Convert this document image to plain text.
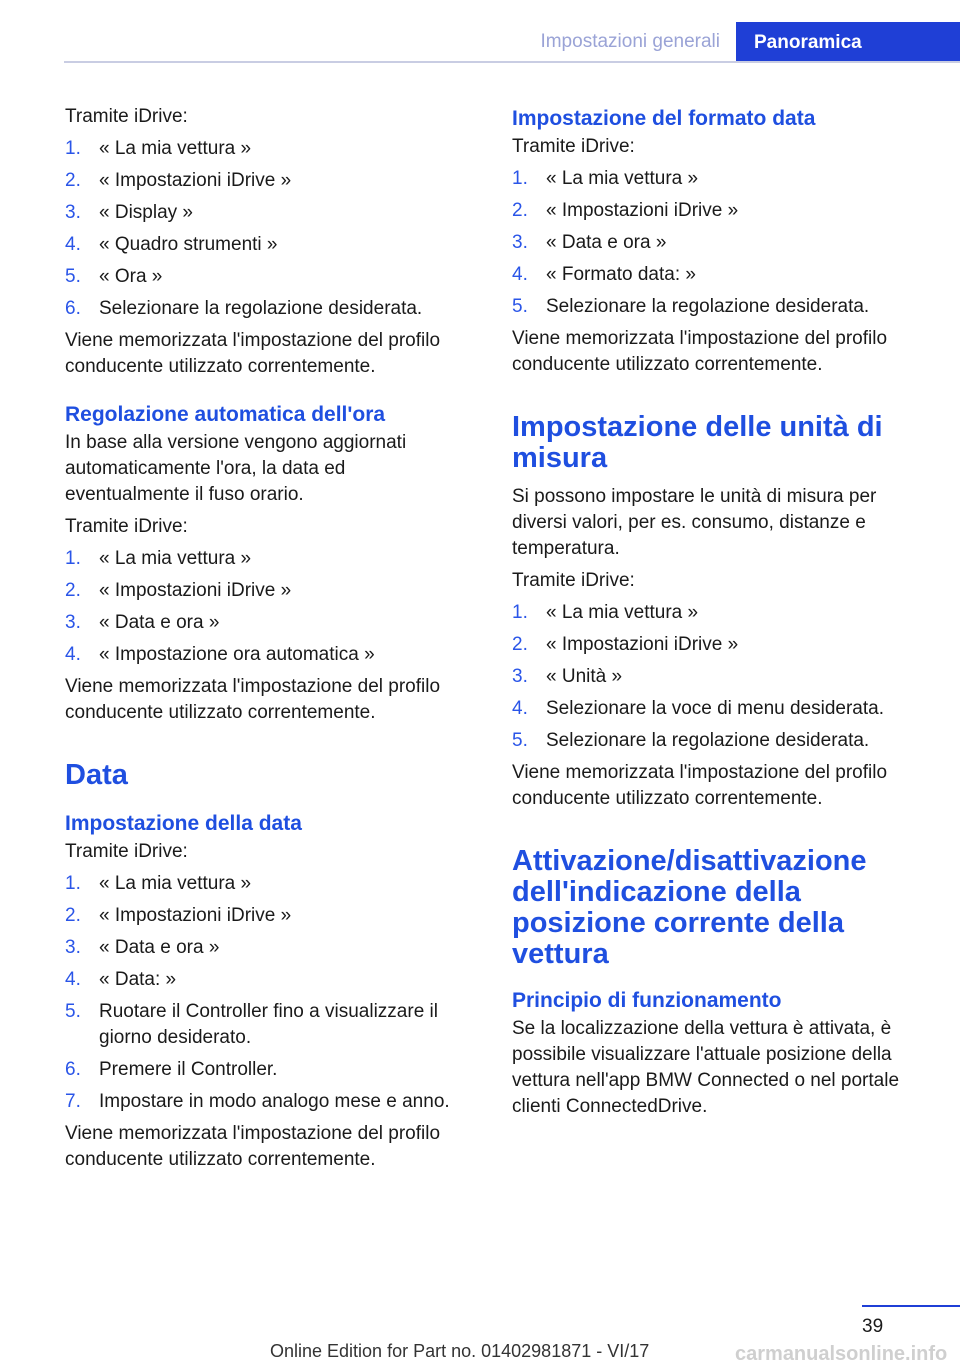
Impostazioni generali	Panoramica

Tramite iDrive:

1. « La mia vettura »
2. « Impostazioni iDrive »
3. « Display »
4. « Quadro strumenti »
5. « Ora »
6. Selezionare la regolazione desiderata.

Viene memorizzata l'impostazione del profilo conducente utilizzato correntemente.

Regolazione automatica dell'ora

In base alla versione vengono aggiornati automaticamente l'ora, la data ed eventualmente il fuso orario.

Tramite iDrive:

1. « La mia vettura »
2. « Impostazioni iDrive »
3. « Data e ora »
4. « Impostazione ora automatica »

Viene memorizzata l'impostazione del profilo conducente utilizzato correntemente.

Data
Impostazione della data

Tramite iDrive:

1. « La mia vettura »
2. « Impostazioni iDrive »
3. « Data e ora »
4. « Data: »
5. Ruotare il Controller fino a visualizzare il giorno desiderato.
6. Premere il Controller.
7. Impostare in modo analogo mese e anno.

Viene memorizzata l'impostazione del profilo conducente utilizzato correntemente.

Impostazione del formato data

Tramite iDrive:

1. « La mia vettura »
2. « Impostazioni iDrive »
3. « Data e ora »
4. « Formato data: »
5. Selezionare la regolazione desiderata.

Viene memorizzata l'impostazione del profilo conducente utilizzato correntemente.

Impostazione delle unità di misura

Si possono impostare le unità di misura per diversi valori, per es. consumo, distanze e temperatura.

Tramite iDrive:

1. « La mia vettura »
2. « Impostazioni iDrive »
3. « Unità »
4. Selezionare la voce di menu desiderata.
5. Selezionare la regolazione desiderata.

Viene memorizzata l'impostazione del profilo conducente utilizzato correntemente.

Attivazione/disattivazione dell'indicazione della posizione corrente della vettura
Principio di funzionamento

Se la localizzazione della vettura è attivata, è possibile visualizzare l'attuale posizione della vettura nell'app BMW Connected o nel portale clienti ConnectedDrive.

39
Online Edition for Part no. 01402981871 - VI/17	carmanualsonline.info
